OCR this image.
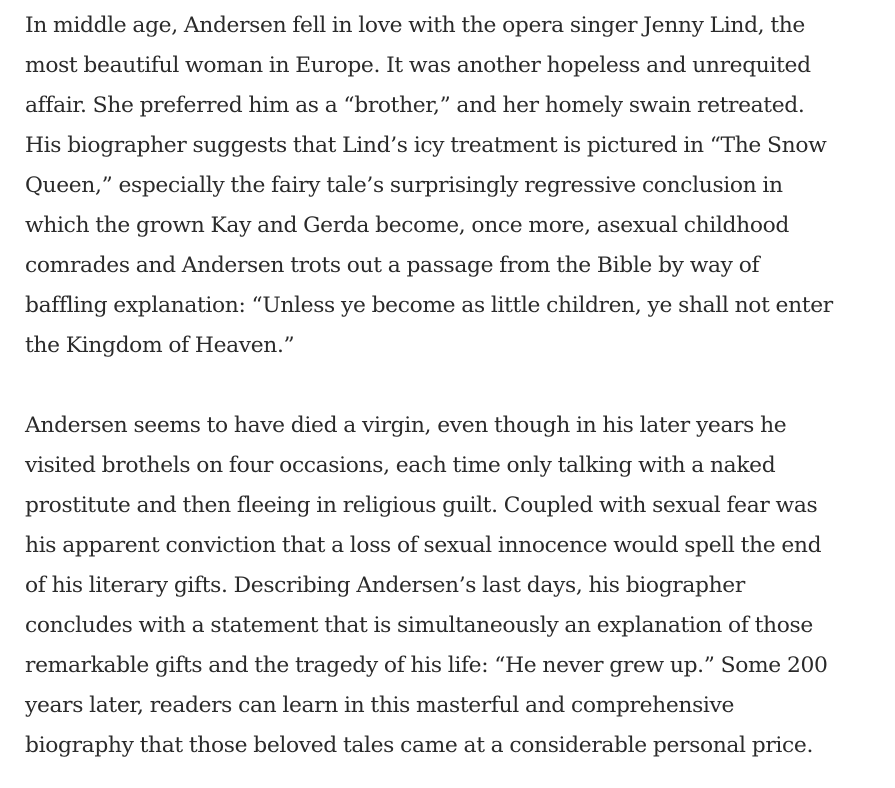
In middle age, Andersen fell in love with the opera singer Jenny Lind, the
most beautiful woman in Europe. It was another hopeless and unrequited
affair. She preferred him as a “brother,” and her homely swain retreated.
His biographer suggests that Lind’s icy treatment is pictured in “The Snow
Queen,” especially the fairy tale’s surprisingly regressive conclusion in
which the grown Kay and Gerda become, once more, asexual childhood
comrades and Andersen trots out a passage from the Bible by way of
baffling explanation: “Unless ye become as little children, ye shall not enter
the Kingdom of Heaven.”

Andersen seems to have died a virgin, even though in his later years he
visited brothels on four occasions, each time only talking with a naked
prostitute and then fleeing in religious guilt. Coupled with sexual fear was
his apparent conviction that a loss of sexual innocence would spell the end
of his literary gifts. Describing Andersen’s last days, his biographer
concludes with a statement that is simultaneously an explanation of those
remarkable gifts and the tragedy of his life: “He never grew up.” Some 200
years later, readers can learn in this masterful and comprehensive
biography that those beloved tales came at a considerable personal price.
